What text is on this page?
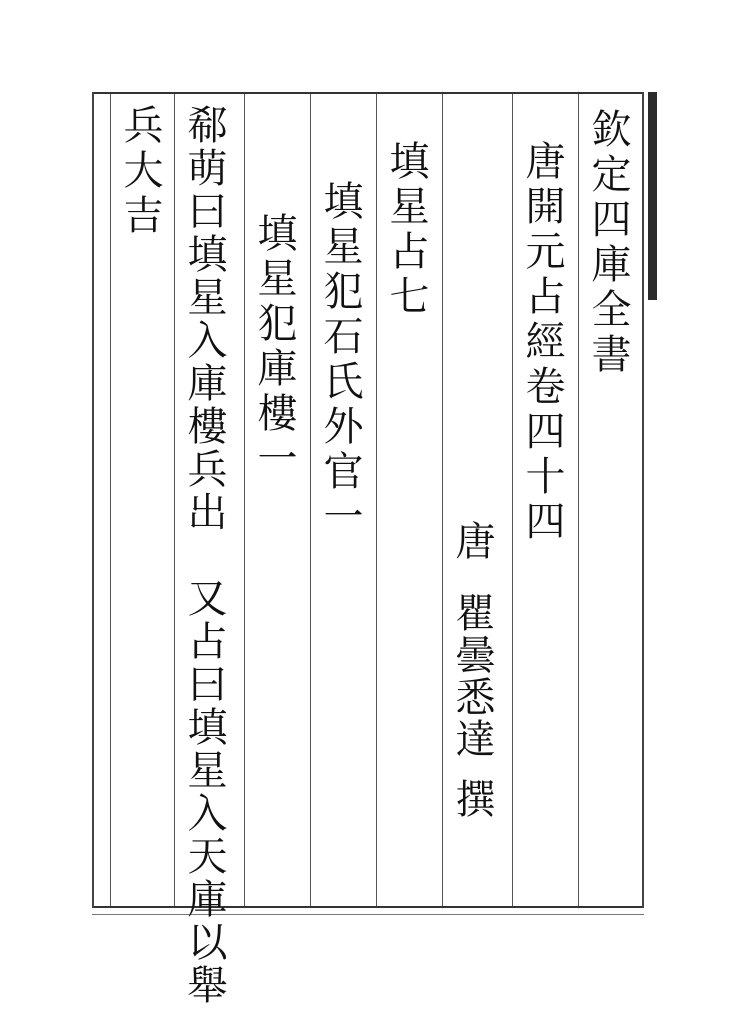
欽定四庫全書
唐開元占經卷四十四
唐
瞿曇悉達
撰
填星占七
填星犯石氏外官一
填星犯庫樓一
郗萌曰填星入庫樓兵出　又占曰填星入天庫以舉
兵大吉
